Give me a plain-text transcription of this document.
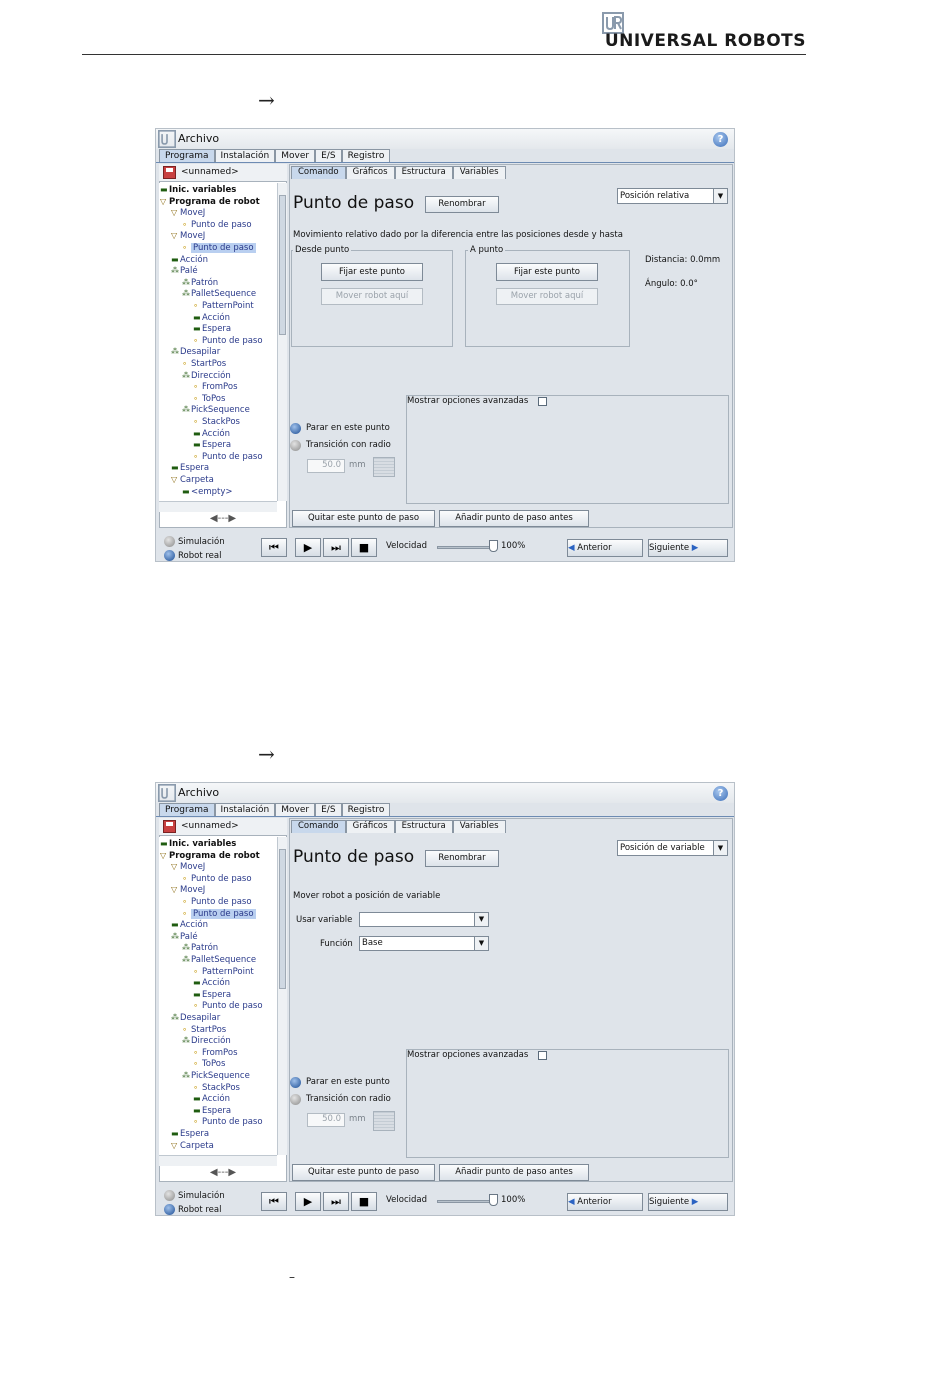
UNIVERSAL ROBOTS
→
→
–
Archivo	?
Programa	Instalación	Mover	E/S	Registro
<unnamed>
▬Inic. variables
▽ Programa de robot
▽ MoveJ
∘ Punto de paso
▽ MoveJ
∘ Punto de paso
▬Acción
⁂Palé
⁂Patrón
⁂PalletSequence
∘ PatternPoint
▬Acción
▬Espera
∘ Punto de paso
⁂Desapilar
∘ StartPos
⁂Dirección
∘ FromPos
∘ ToPos
⁂PickSequence
∘ StackPos
▬Acción
▬Espera
∘ Punto de paso
▬Espera
▽ Carpeta
▬<empty>
◀---▶
Comando	Gráficos	Estructura	Variables
Punto de paso	Renombrar
Posición relativa	▼
Movimiento relativo dado por la diferencia entre las posiciones desde y hasta
Desde punto
Fijar este punto
Mover robot aquí
A punto
Fijar este punto
Mover robot aquí
Distancia: 0.0mm
Ángulo: 0.0°
Mostrar opciones avanzadas
Parar en este punto
Transición con radio
50.0 mm
Quitar este punto de paso	Añadir punto de paso antes
Simulación
Robot real
⏮	▶	⏭	■	Velocidad	100%	◀ Anterior	Siguiente ▶
Archivo	?
Programa	Instalación	Mover	E/S	Registro
<unnamed>
▬Inic. variables
▽ Programa de robot
▽ MoveJ
∘ Punto de paso
▽ MoveJ
∘ Punto de paso
∘ Punto de paso
▬Acción
⁂Palé
⁂Patrón
⁂PalletSequence
∘ PatternPoint
▬Acción
▬Espera
∘ Punto de paso
⁂Desapilar
∘ StartPos
⁂Dirección
∘ FromPos
∘ ToPos
⁂PickSequence
∘ StackPos
▬Acción
▬Espera
∘ Punto de paso
▬Espera
▽ Carpeta
◀---▶
Comando	Gráficos	Estructura	Variables
Punto de paso	Renombrar
Posición de variable	▼
Mover robot a posición de variable
Usar variable	▼
Función	Base	▼
Mostrar opciones avanzadas
Parar en este punto
Transición con radio
50.0 mm
Quitar este punto de paso	Añadir punto de paso antes
Simulación
Robot real
⏮	▶	⏭	■	Velocidad	100%	◀ Anterior	Siguiente ▶
